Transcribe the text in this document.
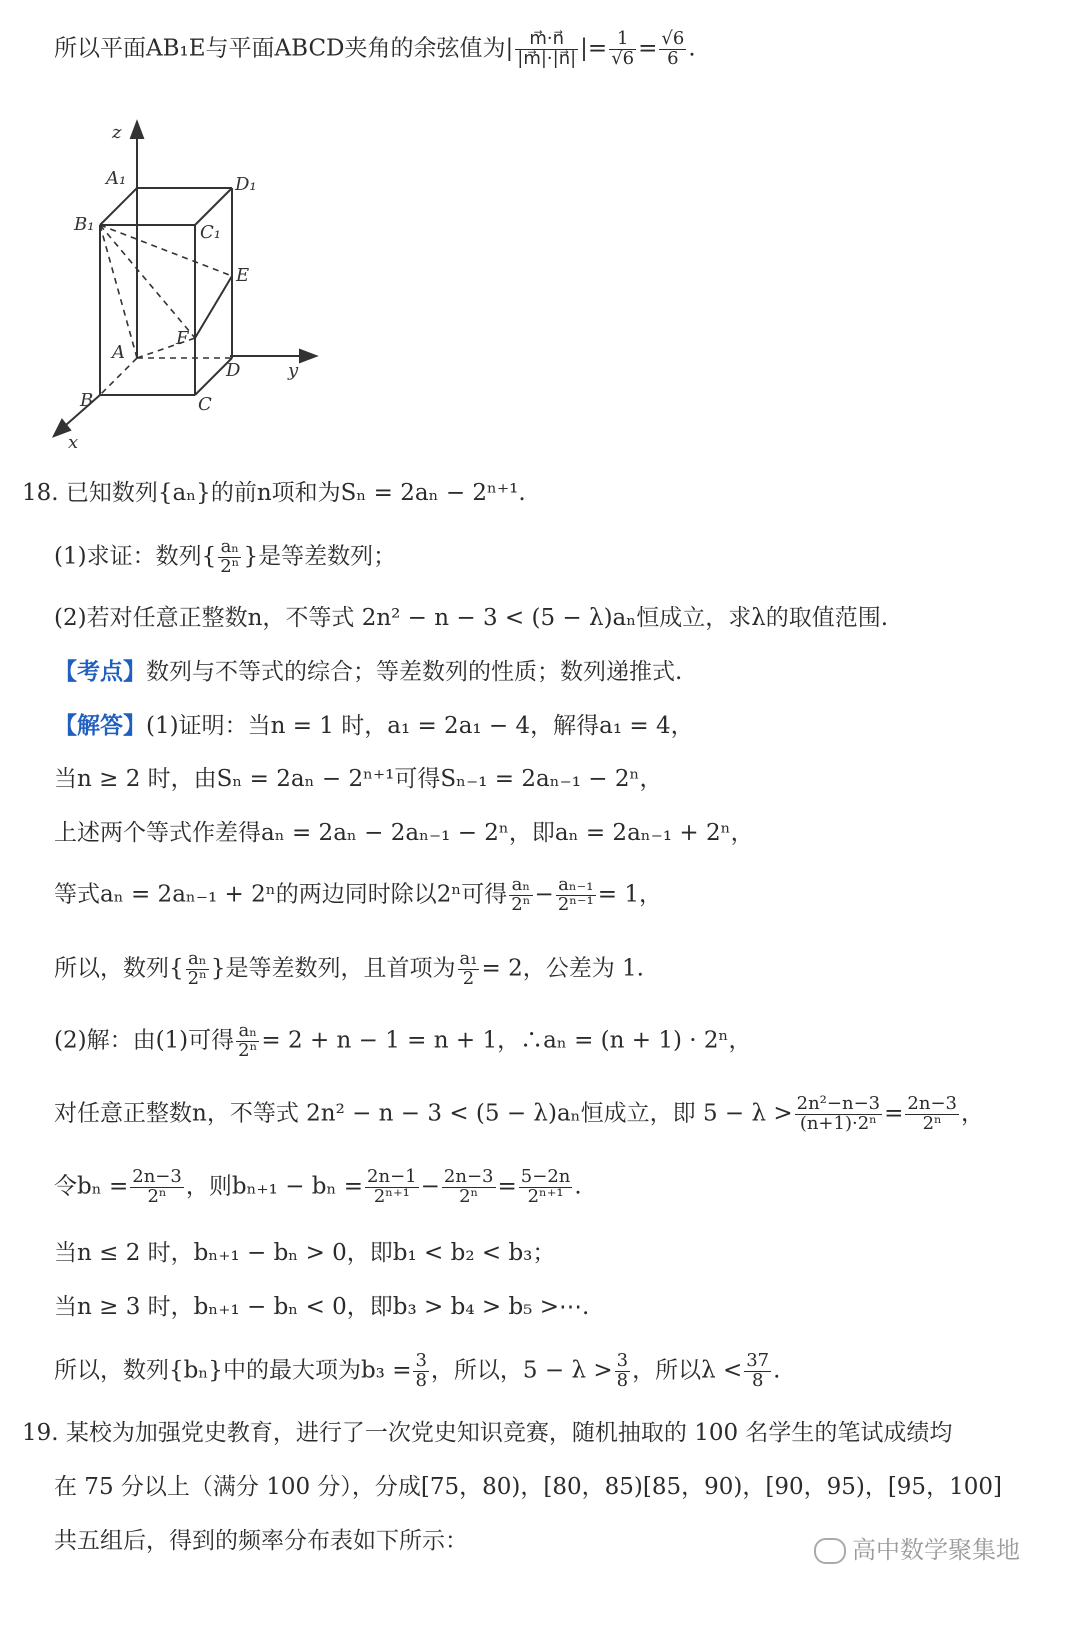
所以平面AB₁E与平面ABCD夹角的余弦值为| $\frac{m⃗\cdot n⃗}{|m⃗|\cdot|n⃗|}$ |= $\frac{1}{√6} = \frac{√6}{6}$ .
z
A₁	D₁
B₁	C₁
E
F
A
D	y
B	C
x
18. 已知数列{aₙ}的前n项和为Sₙ = 2aₙ − 2ⁿ⁺¹.
(1)求证：数列{ $\frac{\text{aₙ}}{\text{2ⁿ}}$ }是等差数列；
(2)若对任意正整数n，不等式 2n² − n − 3 < (5 − λ)aₙ恒成立，求λ的取值范围.
【考点】数列与不等式的综合；等差数列的性质；数列递推式.
【解答】(1)证明：当n = 1 时，a₁ = 2a₁ − 4，解得a₁ = 4，
当n ≥ 2 时，由Sₙ = 2aₙ − 2ⁿ⁺¹可得Sₙ₋₁ = 2aₙ₋₁ − 2ⁿ，
上述两个等式作差得aₙ = 2aₙ − 2aₙ₋₁ − 2ⁿ，即aₙ = 2aₙ₋₁ + 2ⁿ，
等式aₙ = 2aₙ₋₁ + 2ⁿ的两边同时除以2ⁿ可得 $\frac{\text{aₙ}}{\text{2ⁿ}} - \frac{\text{aₙ₋₁}}{\text{2ⁿ⁻¹}} = 1$，
所以，数列{ $\frac{\text{aₙ}}{\text{2ⁿ}}$ }是等差数列，且首项为 $\frac{\text{a₁}}{2} = 2$，公差为 1.
(2)解：由(1)可得 $\frac{\text{aₙ}}{\text{2ⁿ}} = 2 + n - 1 = n + 1$，∴aₙ = (n + 1) · 2ⁿ，
对任意正整数n，不等式 2n² − n − 3 < (5 − λ)aₙ恒成立，即 $5 - \lambda > \frac{\text{2n²−n−3}}{\text{(n+1)·2ⁿ}} = \frac{2n-3}{\text{2ⁿ}}$ ，
令$b_n = \frac{2n-3}{\text{2ⁿ}}$ ，则$b_{n+1} - b_n = \frac{2n-1}{\text{2ⁿ⁺¹}} - \frac{2n-3}{\text{2ⁿ}} = \frac{5-2n}{\text{2ⁿ⁺¹}}$ .
当n ≤ 2 时，bₙ₊₁ − bₙ > 0，即b₁ < b₂ < b₃；
当n ≥ 3 时，bₙ₊₁ − bₙ < 0，即b₃ > b₄ > b₅ >⋯.
所以，数列{bₙ}中的最大项为$b_3 = \frac{3}{8}$ ，所以，$5 - \lambda > \frac{3}{8}$ ，所以$\lambda < \frac{37}{8}$ .
19. 某校为加强党史教育，进行了一次党史知识竞赛，随机抽取的 100 名学生的笔试成绩均
在 75 分以上（满分 100 分），分成[75，80)，[80，85)[85，90)，[90，95)，[95，100]
共五组后，得到的频率分布表如下所示：	高中数学聚集地
